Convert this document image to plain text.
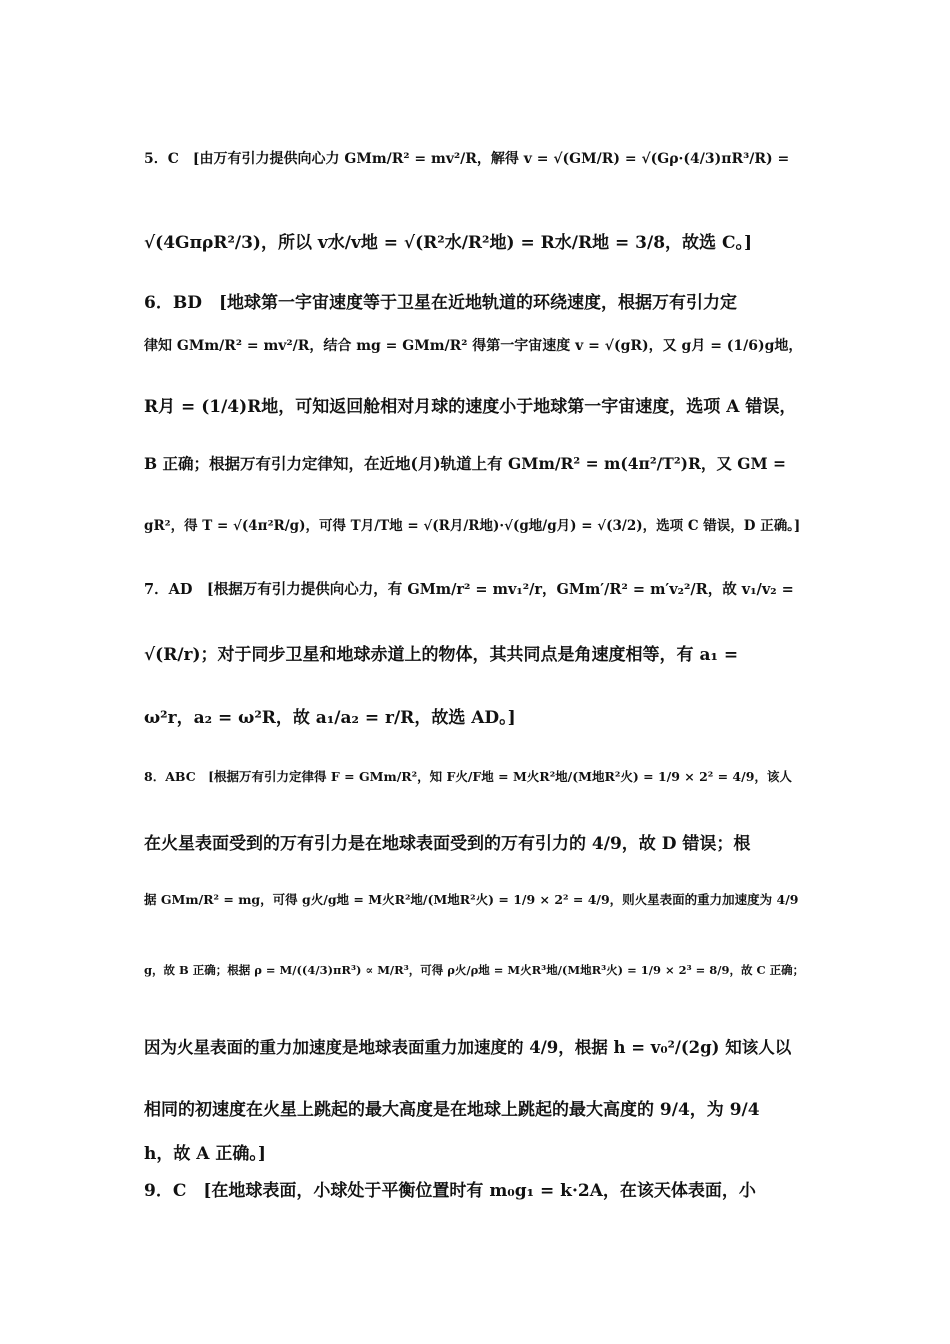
5．C　[由万有引力提供向心力 GMm/R² = mv²/R，解得 v = √(GM/R) = √(Gρ·(4/3)πR³/R) =
√(4GπρR²/3)，所以 v水/v地 = √(R²水/R²地) = R水/R地 = 3/8，故选 C。]
6．BD　[地球第一宇宙速度等于卫星在近地轨道的环绕速度，根据万有引力定
律知 GMm/R² = mv²/R，结合 mg = GMm/R² 得第一宇宙速度 v = √(gR)，又 g月 = (1/6)g地，
R月 = (1/4)R地，可知返回舱相对月球的速度小于地球第一宇宙速度，选项 A 错误，
B 正确；根据万有引力定律知，在近地(月)轨道上有 GMm/R² = m(4π²/T²)R，又 GM =
gR²，得 T = √(4π²R/g)，可得 T月/T地 = √(R月/R地)·√(g地/g月) = √(3/2)，选项 C 错误，D 正确。]
7．AD　[根据万有引力提供向心力，有 GMm/r² = mv₁²/r，GMm′/R² = m′v₂²/R，故 v₁/v₂ =
√(R/r)；对于同步卫星和地球赤道上的物体，其共同点是角速度相等，有 a₁ =
ω²r，a₂ = ω²R，故 a₁/a₂ = r/R，故选 AD。]
8．ABC　[根据万有引力定律得 F = GMm/R²，知 F火/F地 = M火R²地/(M地R²火) = 1/9 × 2² = 4/9，该人
在火星表面受到的万有引力是在地球表面受到的万有引力的 4/9，故 D 错误；根
据 GMm/R² = mg，可得 g火/g地 = M火R²地/(M地R²火) = 1/9 × 2² = 4/9，则火星表面的重力加速度为 4/9
g，故 B 正确；根据 ρ = M/((4/3)πR³) ∝ M/R³，可得 ρ火/ρ地 = M火R³地/(M地R³火) = 1/9 × 2³ = 8/9，故 C 正确；
因为火星表面的重力加速度是地球表面重力加速度的 4/9，根据 h = v₀²/(2g) 知该人以
相同的初速度在火星上跳起的最大高度是在地球上跳起的最大高度的 9/4，为 9/4
h，故 A 正确。]
9．C　[在地球表面，小球处于平衡位置时有 m₀g₁ = k·2A，在该天体表面，小
